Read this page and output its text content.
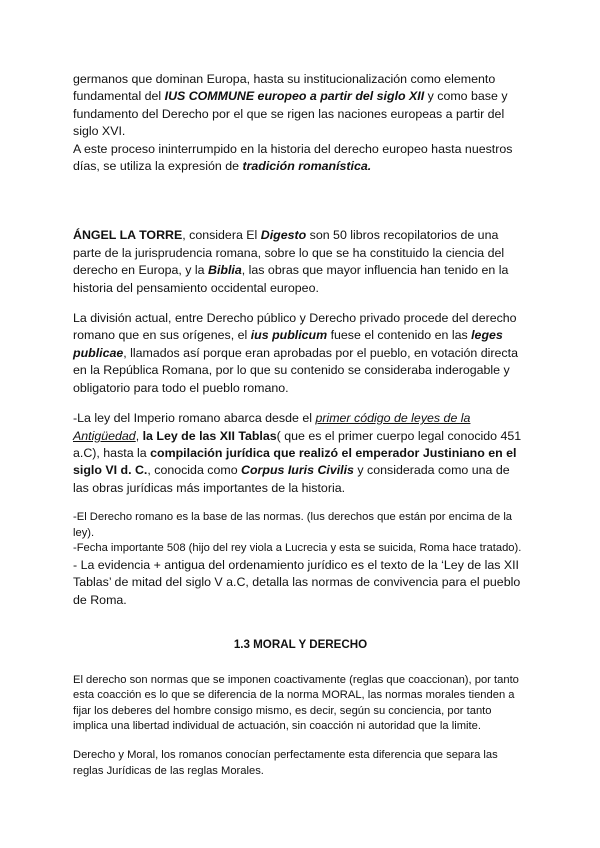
germanos que dominan Europa, hasta su institucionalización como elemento fundamental del IUS COMMUNE europeo a partir del siglo XII y como base y fundamento del Derecho por el que se rigen las naciones europeas a partir del siglo XVI.

A este proceso ininterrumpido en la historia del derecho europeo hasta nuestros días, se utiliza la expresión de tradición romanística.

ÁNGEL LA TORRE, considera El Digesto son 50 libros recopilatorios de una parte de la jurisprudencia romana, sobre lo que se ha constituido la ciencia del derecho en Europa, y la Biblia, las obras que mayor influencia han tenido en la historia del pensamiento occidental europeo.

La división actual, entre Derecho público y Derecho privado procede del derecho romano que en sus orígenes, el ius publicum fuese el contenido en las leges publicae, llamados así porque eran aprobadas por el pueblo, en votación directa en la República Romana, por lo que su contenido se consideraba inderogable y obligatorio para todo el pueblo romano.

-La ley del Imperio romano abarca desde el primer código de leyes de la Antigüedad, la Ley de las XII Tablas( que es el primer cuerpo legal conocido 451 a.C), hasta la compilación jurídica que realizó el emperador Justiniano en el siglo VI d. C., conocida como Corpus Iuris Civilis y considerada como una de las obras jurídicas más importantes de la historia.

-El Derecho romano es la base de las normas. (lus derechos que están por encima de la ley).

-Fecha importante 508 (hijo del rey viola a Lucrecia y esta se suicida, Roma hace tratado).

- La evidencia + antigua del ordenamiento jurídico es el texto de la ‘Ley de las XII Tablas’ de mitad del siglo V a.C, detalla las normas de convivencia para el pueblo de Roma.

1.3 MORAL Y DERECHO

El derecho son normas que se imponen coactivamente (reglas que coaccionan), por tanto esta coacción es lo que se diferencia de la norma MORAL, las normas morales tienden a fijar los deberes del hombre consigo mismo, es decir, según su conciencia, por tanto implica una libertad individual de actuación, sin coacción ni autoridad que la limite.

Derecho y Moral, los romanos conocían perfectamente esta diferencia que separa las reglas Jurídicas de las reglas Morales.
